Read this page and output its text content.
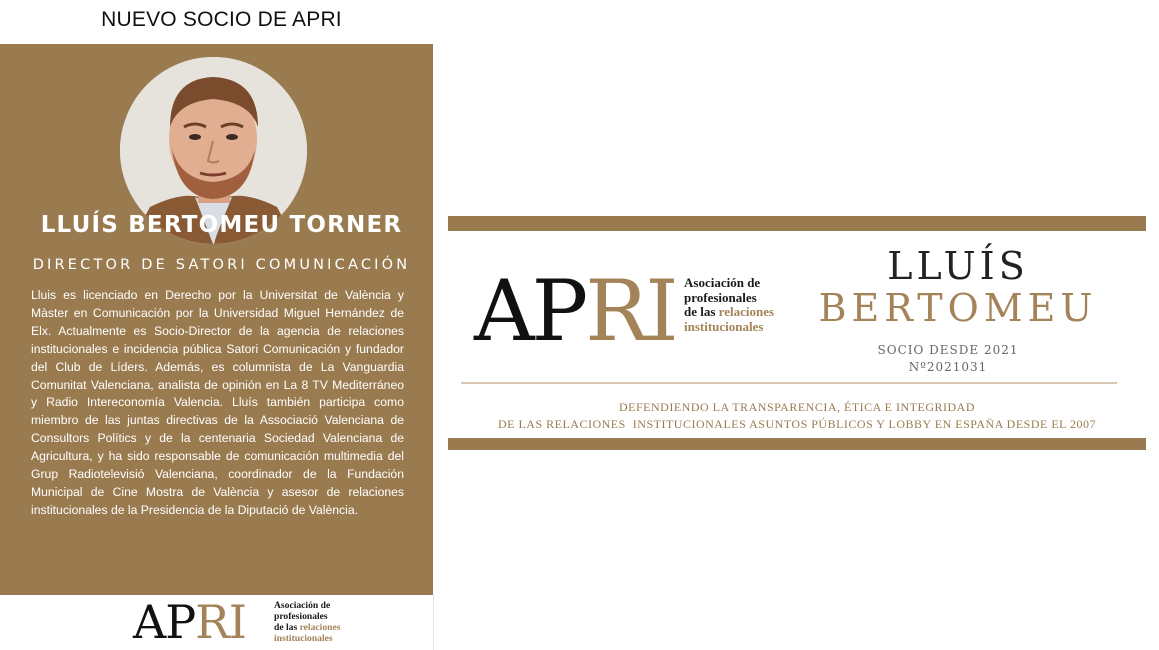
NUEVO SOCIO DE APRI
LLUÍS BERTOMEU TORNER
DIRECTOR DE SATORI COMUNICACIÓN
Lluis es licenciado en Derecho por la Universitat de València y Màster en Comunicación por la Universidad Miguel Hernández de Elx. Actualmente es Socio-Director de la agencia de relaciones institucionales e incidencia pública Satori Comunicación y fundador del Club de Líders. Además, es columnista de La Vanguardia Comunitat Valenciana, analista de opinión en La 8 TV Mediterráneo y Radio Intereconomía Valencia. Lluís también participa como miembro de las juntas directivas de la Associació Valenciana de Consultors Polítics y de la centenaria Sociedad Valenciana de Agricultura, y ha sido responsable de comunicación multimedia del Grup Radiotelevisió Valenciana, coordinador de la Fundación Municipal de Cine Mostra de València y asesor de relaciones institucionales de la Presidencia de la Diputació de València.
APRI	Asociación de
profesionales
de las relaciones
institucionales
APRI Asociación de
profesionales
de las relaciones
institucionales
LLUÍS
BERTOMEU
SOCIO DESDE 2021
Nº2021031
DEFENDIENDO LA TRANSPARENCIA, ÉTICA E INTEGRIDAD
DE LAS RELACIONES  INSTITUCIONALES ASUNTOS PÚBLICOS Y LOBBY EN ESPAÑA DESDE EL 2007
